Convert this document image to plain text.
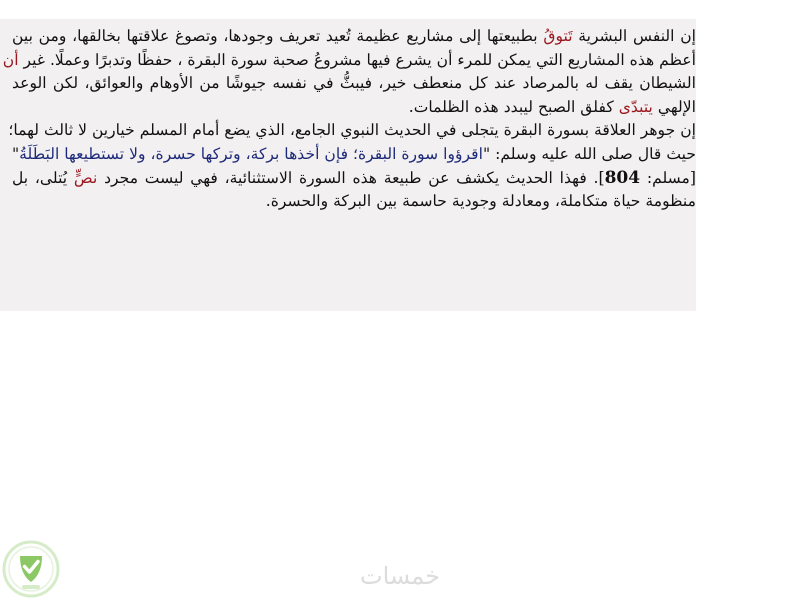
إن النفس البشرية تَتوقُ بطبيعتها إلى مشاريع عظيمة تُعيد تعريف وجودها، وتصوغ علاقتها بخالقها، ومن بين
أعظم هذه المشاريع التي يمكن للمرء أن يشرع فيها مشروعُ صحبة سورة البقرة ، حفظًا وتدبرًا وعملًا. غير أن
الشيطان يقف له بالمرصاد عند كل منعطف خير، فيبثُّ في نفسه جيوشًا من الأوهام والعوائق، لكن الوعد
الإلهي يتبدّى كفلق الصبح ليبدد هذه الظلمات.
إن جوهر العلاقة بسورة البقرة يتجلى في الحديث النبوي الجامع، الذي يضع أمام المسلم خيارين لا ثالث لهما؛
حيث قال صلى الله عليه وسلم: "اقرؤوا سورة البقرة؛ فإن أخذها بركة، وتركها حسرة، ولا تستطيعها البَطَلَةُ"
[مسلم: 804]. فهذا الحديث يكشف عن طبيعة هذه السورة الاستثنائية، فهي ليست مجرد نصٍّ يُتلى، بل
منظومة حياة متكاملة، ومعادلة وجودية حاسمة بين البركة والحسرة.
خمسات
